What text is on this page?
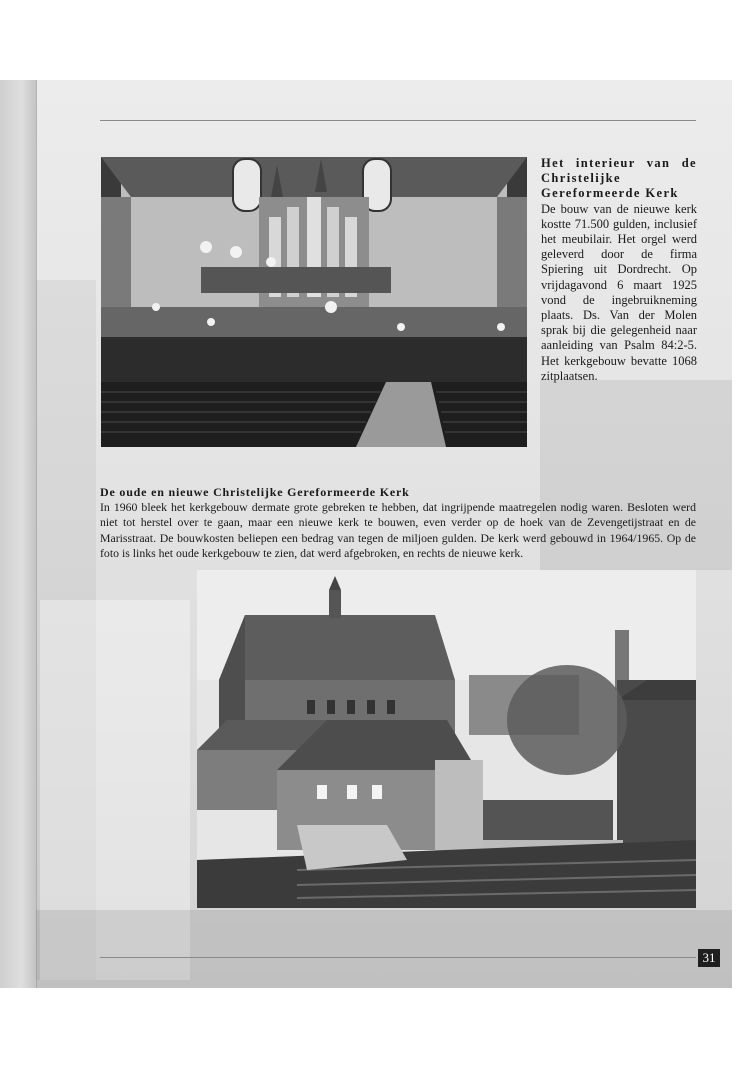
Het interieur van de Christelijke Gereformeerde Kerk
De bouw van de nieuwe kerk kostte 71.500 gulden, inclusief het meubilair. Het orgel werd geleverd door de firma Spiering uit Dordrecht. Op vrijdagavond 6 maart 1925 vond de ingebruikneming plaats. Ds. Van der Molen sprak bij die gelegenheid naar aanleiding van Psalm 84:2-5. Het kerkgebouw bevatte 1068 zitplaatsen.
De oude en nieuwe Christelijke Gereformeerde Kerk
In 1960 bleek het kerkgebouw dermate grote gebreken te hebben, dat ingrijpende maatregelen nodig waren. Besloten werd niet tot herstel over te gaan, maar een nieuwe kerk te bouwen, even verder op de hoek van de Zevengetijstraat en de Marisstraat. De bouwkosten beliepen een bedrag van tegen de miljoen gulden. De kerk werd gebouwd in 1964/1965. Op de foto is links het oude kerkgebouw te zien, dat werd afgebroken, en rechts de nieuwe kerk.
31
